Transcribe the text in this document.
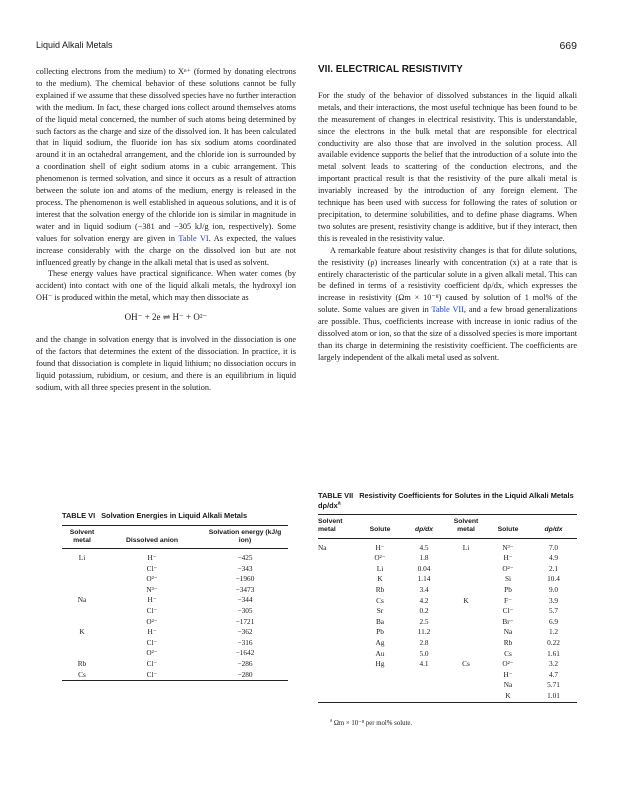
Liquid Alkali Metals	669

collecting electrons from the medium) to Xⁿ⁺ (formed by donating electrons to the medium). The chemical behavior of these solutions cannot be fully explained if we assume that these dissolved species have no further interaction with the medium. In fact, these charged ions collect around themselves atoms of the liquid metal concerned, the number of such atoms being determined by such factors as the charge and size of the dissolved ion. It has been calculated that in liquid sodium, the fluoride ion has six sodium atoms coordinated around it in an octahedral arrangement, and the chloride ion is surrounded by a coordination shell of eight sodium atoms in a cubic arrangement. This phenomenon is termed solvation, and since it occurs as a result of attraction between the solute ion and atoms of the medium, energy is released in the process. The phenomenon is well established in aqueous solutions, and it is of interest that the solvation energy of the chloride ion is similar in magnitude in water and in liquid sodium (−381 and −305 kJ/g ion, respectively). Some values for solvation energy are given in Table VI. As expected, the values increase considerably with the charge on the dissolved ion but are not influenced greatly by change in the alkali metal that is used as solvent.

These energy values have practical significance. When water comes (by accident) into contact with one of the liquid alkali metals, the hydroxyl ion OH⁻ is produced within the metal, which may then dissociate as

OH⁻ + 2e ⇌ H⁻ + O²⁻

and the change in solvation energy that is involved in the dissociation is one of the factors that determines the extent of the dissociation. In practice, it is found that dissociation is complete in liquid lithium; no dissociation occurs in liquid potassium, rubidium, or cesium, and there is an equilibrium in liquid sodium, with all three species present in the solution.

TABLE VI Solvation Energies in Liquid Alkali Metals
Solvent metal	Dissolved anion	Solvation energy (kJ/g ion)
Li	H⁻	−425
	Cl⁻	−343
	O²⁻	−1960
	N³⁻	−3473
Na	H⁻	−344
	Cl⁻	−305
	O²⁻	−1721
K	H⁻	−362
	Cl⁻	−316
	O²⁻	−1642
Rb	Cl⁻	−286
Cs	Cl⁻	−280

VII. ELECTRICAL RESISTIVITY

For the study of the behavior of dissolved substances in the liquid alkali metals, and their interactions, the most useful technique has been found to be the measurement of changes in electrical resistivity. This is understandable, since the electrons in the bulk metal that are responsible for electrical conductivity are also those that are involved in the solution process. All available evidence supports the belief that the introduction of a solute into the metal solvent leads to scattering of the conduction electrons, and the important practical result is that the resistivity of the pure alkali metal is invariably increased by the introduction of any foreign element. The technique has been used with success for following the rates of solution or precipitation, to determine solubilities, and to define phase diagrams. When two solutes are present, resistivity change is additive, but if they interact, then this is revealed in the resistivity value.

A remarkable feature about resistivity changes is that for dilute solutions, the resistivity (ρ) increases linearly with concentration (x) at a rate that is entirely characteristic of the particular solute in a given alkali metal. This can be defined in terms of a resistivity coefficient dρ/dx, which expresses the increase in resistivity (Ωm × 10⁻⁸) caused by solution of 1 mol% of the solute. Some values are given in Table VII, and a few broad generalizations are possible. Thus, coefficients increase with increase in ionic radius of the dissolved atom or ion, so that the size of a dissolved species is more important than its charge in determining the resistivity coefficient. The coefficients are largely independent of the alkali metal used as solvent.

TABLE VII Resistivity Coefficients for Solutes in the Liquid Alkali Metals $d\rho/dx^a$
Solvent metal	Solute	dρ/dx	Solvent metal	Solute	dρ/dx
Na	H⁻	4.5	Li	N³⁻	7.0
	O²⁻	1.8		H⁻	4.9
	Li	0.04		O²⁻	2.1
	K	1.14		Si	10.4
	Rb	3.4		Pb	9.0
	Cs	4.2	K	F⁻	3.9
	Sr	0.2		Cl⁻	5.7
	Ba	2.5		Br⁻	6.9
	Pb	11.2		Na	1.2
	Ag	2.8		Rb	0.22
	Au	5.0		Cs	1.61
	Hg	4.1	Cs	O²⁻	3.2
				H⁻	4.7
				Na	5.71
				K	1.01

$^a$ Ωm × 10⁻⁸ per mol% solute.
